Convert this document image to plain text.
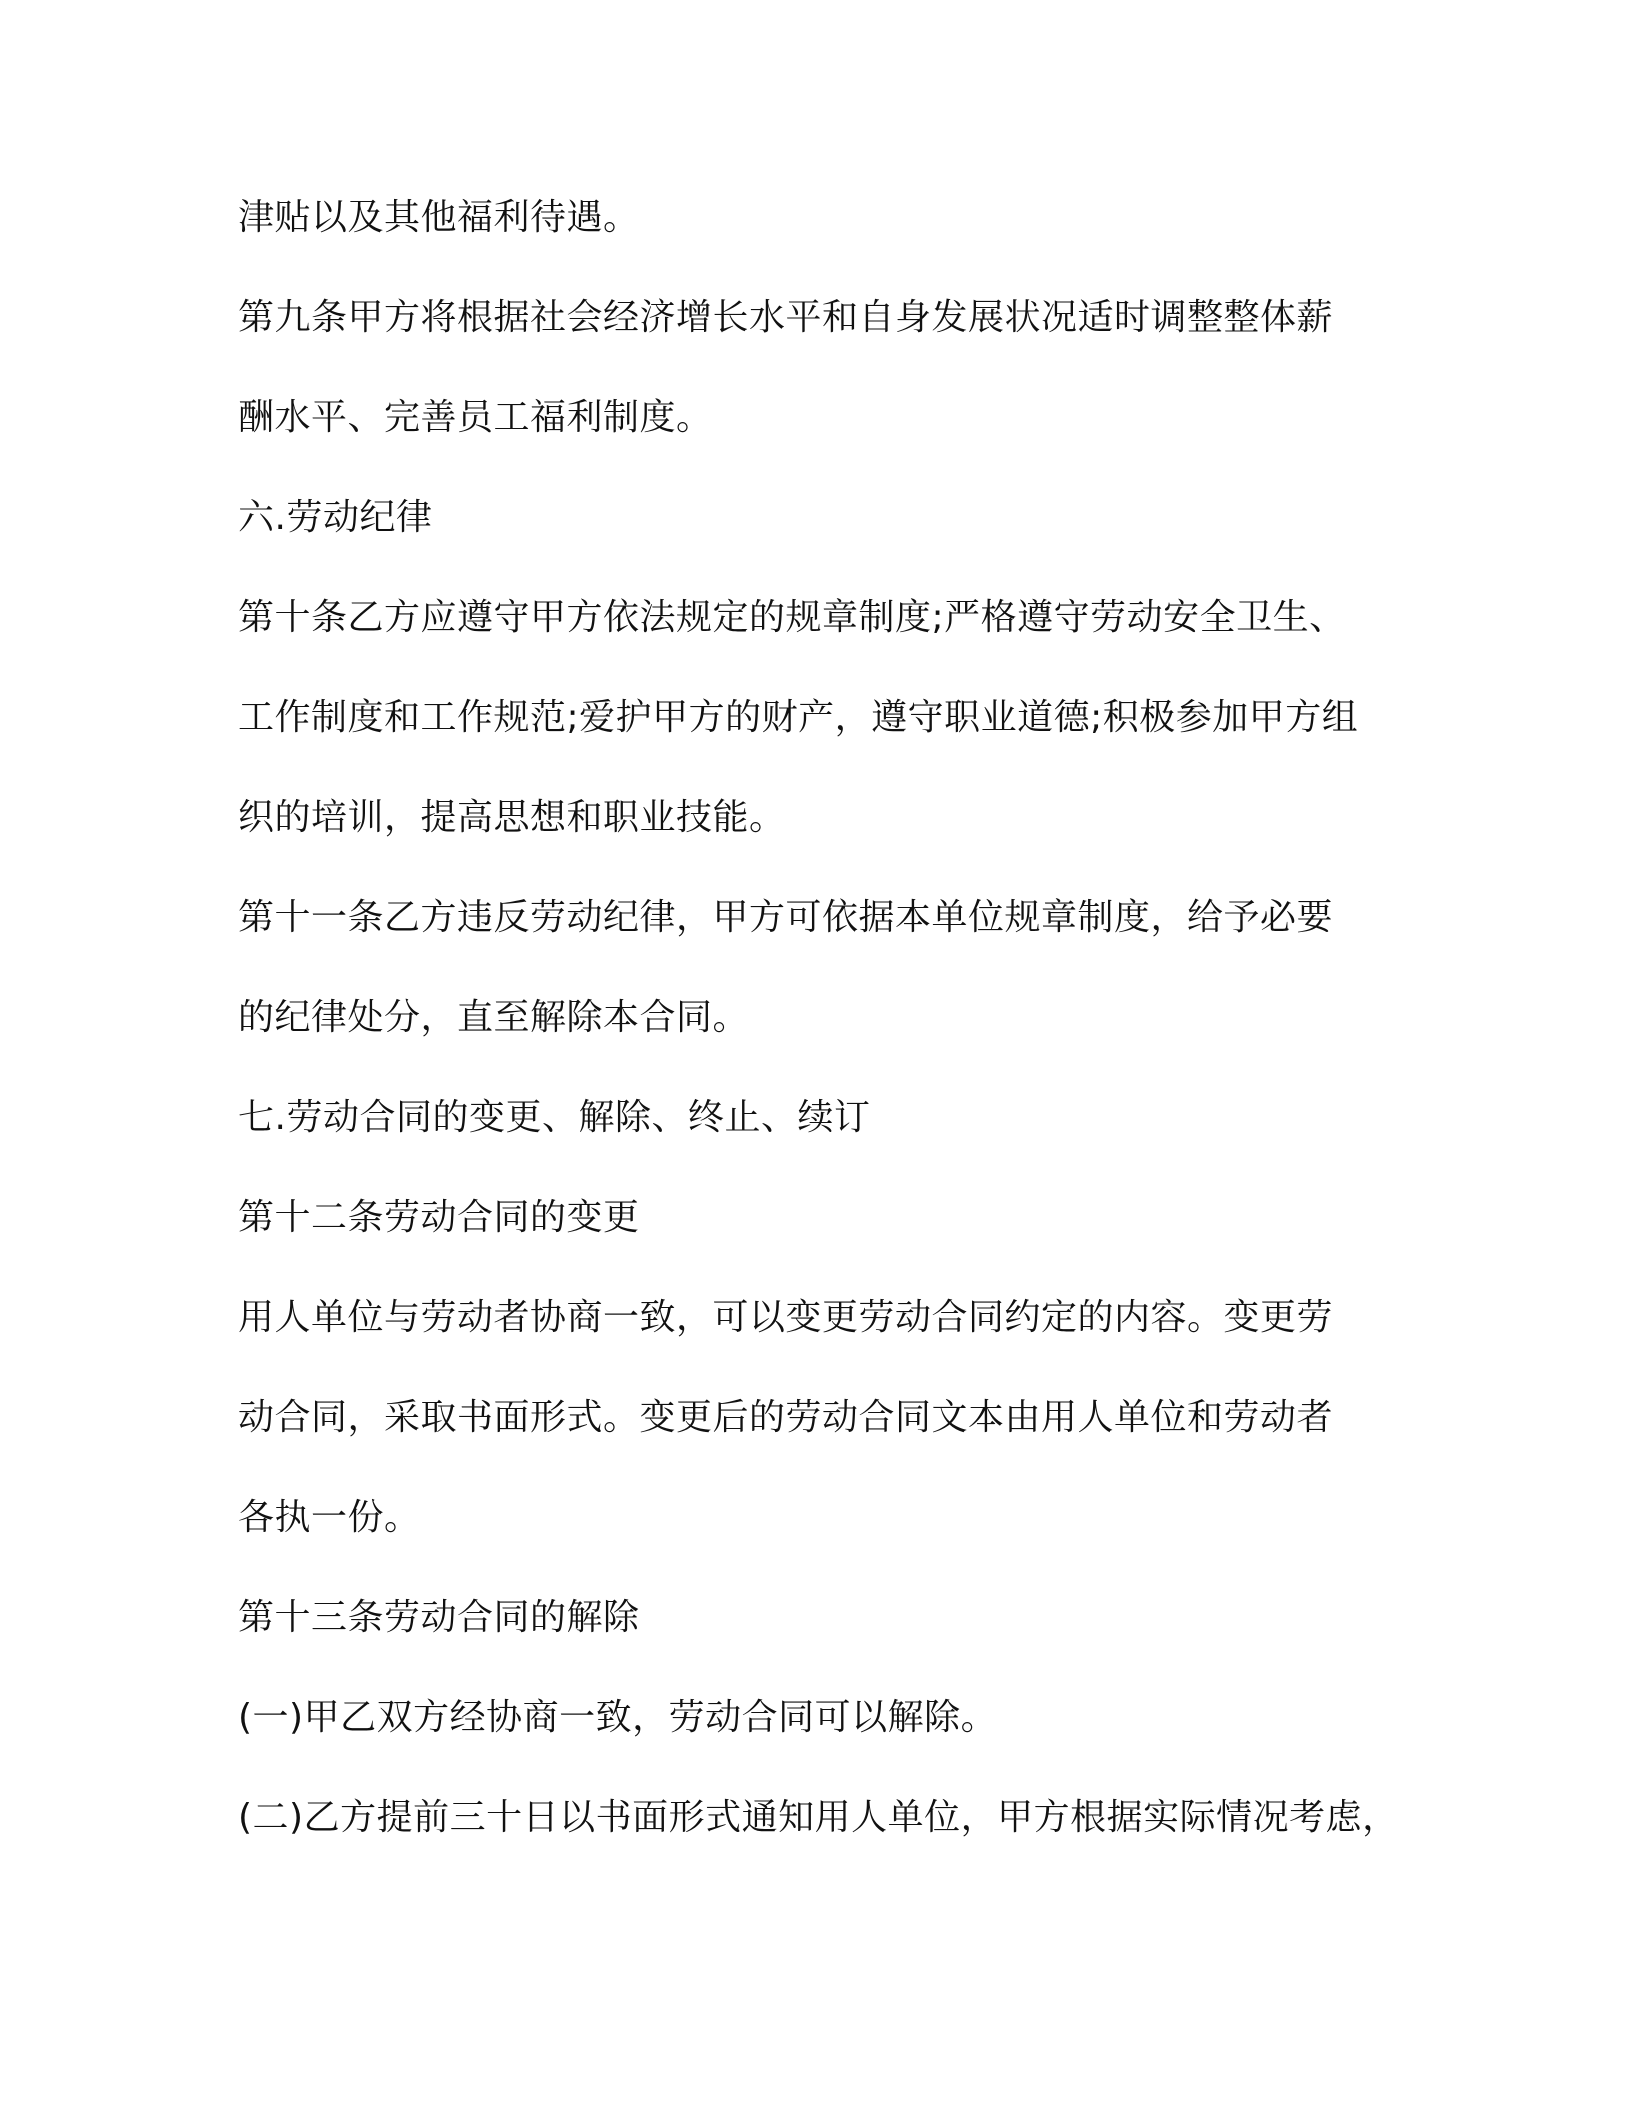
津贴以及其他福利待遇。

第九条甲方将根据社会经济增长水平和自身发展状况适时调整整体薪

酬水平、完善员工福利制度。

六.劳动纪律

第十条乙方应遵守甲方依法规定的规章制度;严格遵守劳动安全卫生、

工作制度和工作规范;爱护甲方的财产，遵守职业道德;积极参加甲方组

织的培训，提高思想和职业技能。

第十一条乙方违反劳动纪律，甲方可依据本单位规章制度，给予必要

的纪律处分，直至解除本合同。

七.劳动合同的变更、解除、终止、续订

第十二条劳动合同的变更

用人单位与劳动者协商一致，可以变更劳动合同约定的内容。变更劳

动合同，采取书面形式。变更后的劳动合同文本由用人单位和劳动者

各执一份。

第十三条劳动合同的解除

(一)甲乙双方经协商一致，劳动合同可以解除。

(二)乙方提前三十日以书面形式通知用人单位，甲方根据实际情况考虑，
